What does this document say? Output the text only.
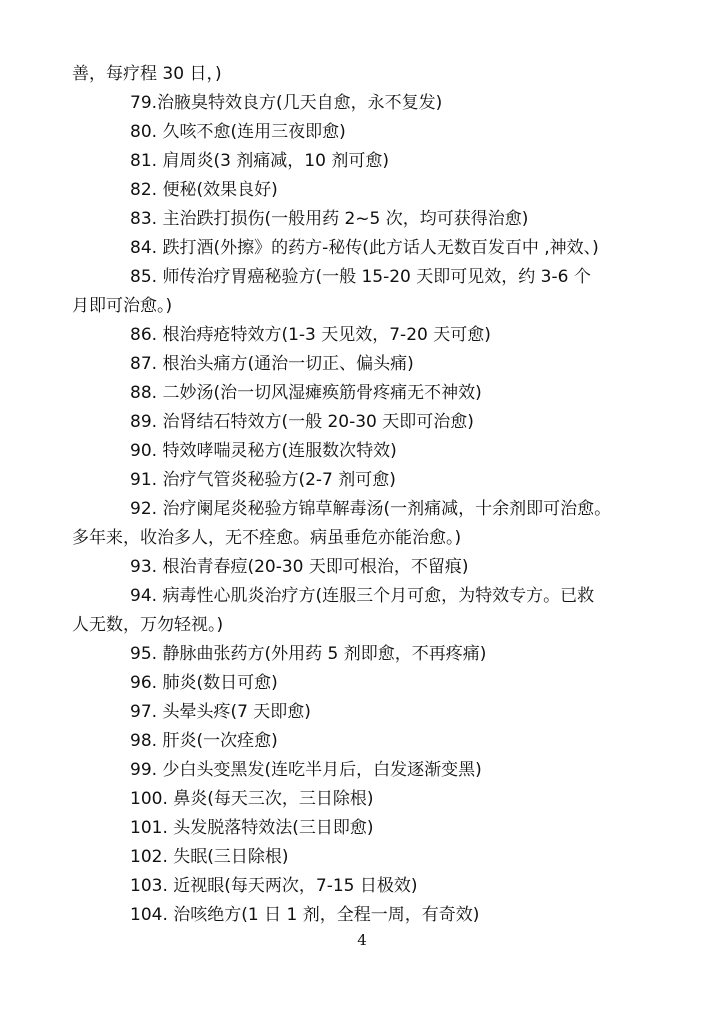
善，每疗程 30 日，)
79.治腋臭特效良方(几天自愈，永不复发)
80. 久咳不愈(连用三夜即愈)
81. 肩周炎(3 剂痛减，10 剂可愈)
82. 便秘(效果良好)
83. 主治跌打损伤(一般用药 2~5 次，均可获得治愈)
84. 跌打酒(外擦》的药方-秘传(此方话人无数百发百中 ,神效、)
85. 师传治疗胃癌秘验方(一般 15-20 天即可见效，约 3-6 个
月即可治愈。)
86. 根治痔疮特效方(1-3 天见效，7-20 天可愈)
87. 根治头痛方(通治一切正、偏头痛)
88. 二妙汤(治一切风湿瘫痪筋骨疼痛无不神效)
89. 治肾结石特效方(一般 20-30 天即可治愈)
90. 特效哮喘灵秘方(连服数次特效)
91. 治疗气管炎秘验方(2-7 剂可愈)
92. 治疗阑尾炎秘验方锦草解毒汤(一剂痛减，十余剂即可治愈。
多年来，收治多人，无不痊愈。病虽垂危亦能治愈。)
93. 根治青春痘(20-30 天即可根治，不留痕)
94. 病毒性心肌炎治疗方(连服三个月可愈，为特效专方。已救
人无数，万勿轻视。)
95. 静脉曲张药方(外用药 5 剂即愈，不再疼痛)
96. 肺炎(数日可愈)
97. 头晕头疼(7 天即愈)
98. 肝炎(一次痊愈)
99. 少白头变黑发(连吃半月后，白发逐渐变黑)
100. 鼻炎(每天三次，三日除根)
101. 头发脱落特效法(三日即愈)
102. 失眠(三日除根)
103. 近视眼(每天两次，7-15 日极效)
104. 治咳绝方(1 日 1 剂，全程一周，有奇效)
4
